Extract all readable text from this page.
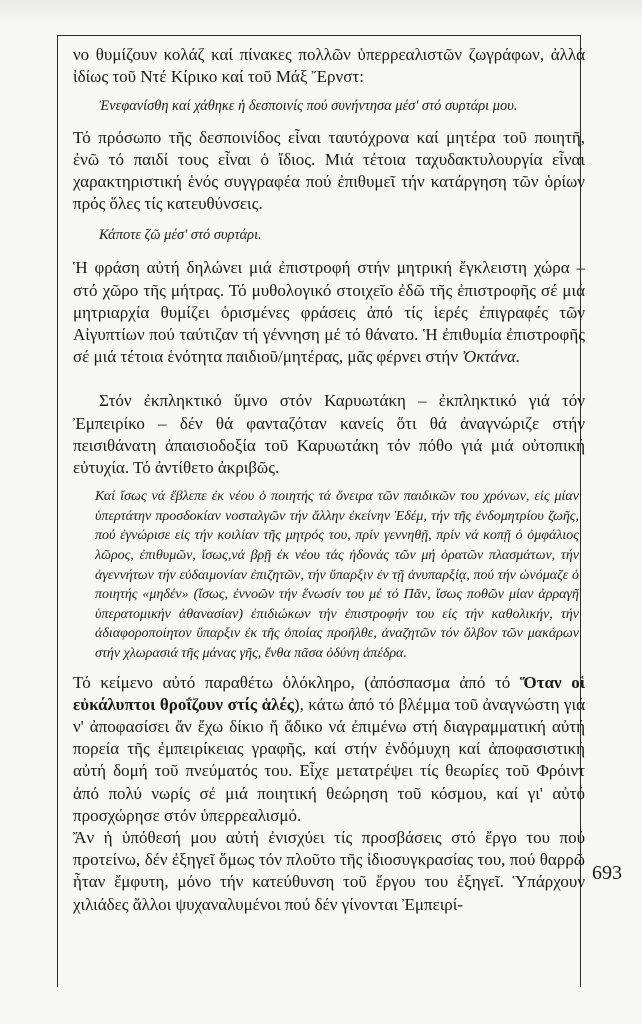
νο θυμίζουν κολάζ καί πίνακες πολλῶν ὑπερρεαλιστῶν ζωγράφων, ἀλλά ἰδίως τοῦ Ντέ Κίρικο καί τοῦ Μάξ Ἔρνστ:

Ἐνεφανίσθη καί χάθηκε ἡ δεσποινίς πού συνήντησα μέσ' στό συρτάρι μου.

Τό πρόσωπο τῆς δεσποινίδος εἶναι ταυτόχρονα καί μητέρα τοῦ ποιητῆ, ἐνῶ τό παιδί τους εἶναι ὁ ἴδιος. Μιά τέτοια ταχυδακτυλουργία εἶναι χαρακτηριστική ἑνός συγγραφέα πού ἐπιθυμεῖ τήν κατάργηση τῶν ὁρίων πρός ὅλες τίς κατευθύνσεις.

Κάποτε ζῶ μέσ' στό συρτάρι.

Ἡ φράση αὐτή δηλώνει μιά ἐπιστροφή στήν μητρική ἔγκλειστη χώρα – στό χῶρο τῆς μήτρας. Τό μυθολογικό στοιχεῖο ἐδῶ τῆς ἐπιστροφῆς σέ μιά μητριαρχία θυμίζει ὁρισμένες φράσεις ἀπό τίς ἱερές ἐπιγραφές τῶν Αἰγυπτίων πού ταύτιζαν τή γέννηση μέ τό θάνατο. Ἡ ἐπιθυμία ἐπιστροφῆς σέ μιά τέτοια ἑνότητα παιδιοῦ/μητέρας, μᾶς φέρνει στήν Ὀκτάνα.

Στόν ἐκπληκτικό ὕμνο στόν Καρυωτάκη – ἐκπληκτικό γιά τόν Ἐμπειρίκο – δέν θά φανταζόταν κανείς ὅτι θά ἀναγνώριζε στήν πεισιθάνατη ἀπαισιοδοξία τοῦ Καρυωτάκη τόν πόθο γιά μιά οὐτοπική εὐτυχία. Τό ἀντίθετο ἀκριβῶς.

Καί ἴσως νά ἔβλεπε ἐκ νέου ὁ ποιητής τά ὄνειρα τῶν παιδικῶν του χρόνων, εἰς μίαν ὑπερτάτην προσδοκίαν νοσταλγῶν τήν ἄλλην ἐκείνην Ἐδέμ, τήν τῆς ἐνδομητρίου ζωῆς, πού ἐγνώρισε εἰς τήν κοιλίαν τῆς μητρός του, πρίν γεννηθῇ, πρίν νά κοπῇ ὁ ὀμφάλιος λῶρος, ἐπιθυμῶν, ἴσως,νά βρῇ ἐκ νέου τάς ἡδονάς τῶν μή ὁρατῶν πλασμάτων, τήν ἀγεννήτων τήν εὐδαιμονίαν ἐπιζητῶν, τήν ὕπαρξιν ἐν τῇ ἀνυπαρξίᾳ, πού τήν ὠνόμαζε ὁ ποιητής «μηδέν» (ἴσως, ἐννοῶν τήν ἕνωσίν του μέ τό Πᾶν, ἴσως ποθῶν μίαν ἀρραγῆ ὑπερατομικήν ἀθανασίαν) ἐπιδιώκων τήν ἐπιστροφήν του εἰς τήν καθολικήν, τήν ἀδιαφοροποίητον ὕπαρξιν ἐκ τῆς ὁποίας προῆλθε, ἀναζητῶν τόν ὄλβον τῶν μακάρων στήν χλωρασιά τῆς μάνας γῆς, ἔνθα πᾶσα ὀδύνη ἀπέδρα.

Τό κείμενο αὐτό παραθέτω ὁλόκληρο, (ἀπόσπασμα ἀπό τό Ὅταν οἱ εὐκάλυπτοι θροΐζουν στίς ἁλές), κάτω ἀπό τό βλέμμα τοῦ ἀναγνώστη γιά ν' ἀποφασίσει ἄν ἔχω δίκιο ἤ ἄδικο νά ἐπιμένω στή διαγραμματική αὐτή πορεία τῆς ἐμπειρίκειας γραφῆς, καί στήν ἐνδόμυχη καί ἀποφασιστική αὐτή δομή τοῦ πνεύματός του. Εἶχε μετατρέψει τίς θεωρίες τοῦ Φρόιντ ἀπό πολύ νωρίς σέ μιά ποιητική θεώρηση τοῦ κόσμου, καί γι' αὐτό προσχώρησε στόν ὑπερρεαλισμό.

Ἄν ἡ ὑπόθεσή μου αὐτή ἐνισχύει τίς προσβάσεις στό ἔργο του πού προτείνω, δέν ἐξηγεῖ ὅμως τόν πλοῦτο τῆς ἰδιοσυγκρασίας του, πού θαρρῶ ἦταν ἔμφυτη, μόνο τήν κατεύθυνση τοῦ ἔργου του ἐξηγεῖ. Ὑπάρχουν χιλιάδες ἄλλοι ψυχαναλυμένοι πού δέν γίνονται Ἐμπειρί-

693
